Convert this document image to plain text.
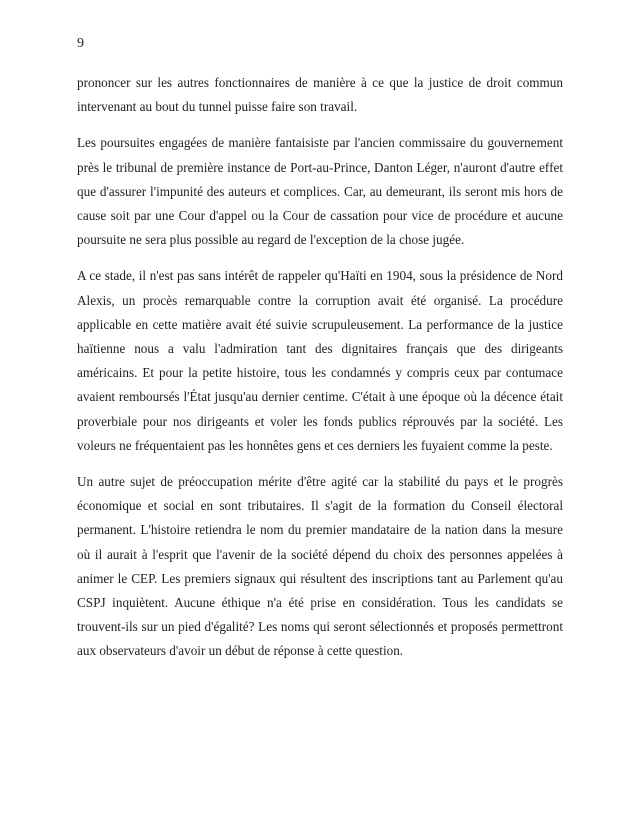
9

prononcer sur les autres fonctionnaires de manière à ce que la justice de droit commun intervenant au bout du tunnel puisse faire son travail.

Les poursuites engagées de manière fantaisiste par l'ancien commissaire du gouvernement près le tribunal de première instance de Port-au-Prince, Danton Léger, n'auront d'autre effet que d'assurer l'impunité des auteurs et complices. Car, au demeurant, ils seront mis hors de cause soit par une Cour d'appel ou la Cour de cassation pour vice de procédure et aucune poursuite ne sera plus possible au regard de l'exception de la chose jugée.

A ce stade, il n'est pas sans intérêt de rappeler qu'Haïti en 1904, sous la présidence de Nord Alexis, un procès remarquable contre la corruption avait été organisé. La procédure applicable en cette matière avait été suivie scrupuleusement. La performance de la justice haïtienne nous a valu l'admiration tant des dignitaires français que des dirigeants américains. Et pour la petite histoire, tous les condamnés y compris ceux par contumace avaient remboursés l'État jusqu'au dernier centime. C'était à une époque où la décence était proverbiale pour nos dirigeants et voler les fonds publics réprouvés par la société. Les voleurs ne fréquentaient pas les honnêtes gens et ces derniers les fuyaient comme la peste.

Un autre sujet de préoccupation mérite d'être agité car la stabilité du pays et le progrès économique et social en sont tributaires. Il s'agit de la formation du Conseil électoral permanent. L'histoire retiendra le nom du premier mandataire de la nation dans la mesure où il aurait à l'esprit que l'avenir de la société dépend du choix des personnes appelées à animer le CEP. Les premiers signaux qui résultent des inscriptions tant au Parlement qu'au CSPJ inquiètent. Aucune éthique n'a été prise en considération. Tous les candidats se trouvent-ils sur un pied d'égalité? Les noms qui seront sélectionnés et proposés permettront aux observateurs d'avoir un début de réponse à cette question.
